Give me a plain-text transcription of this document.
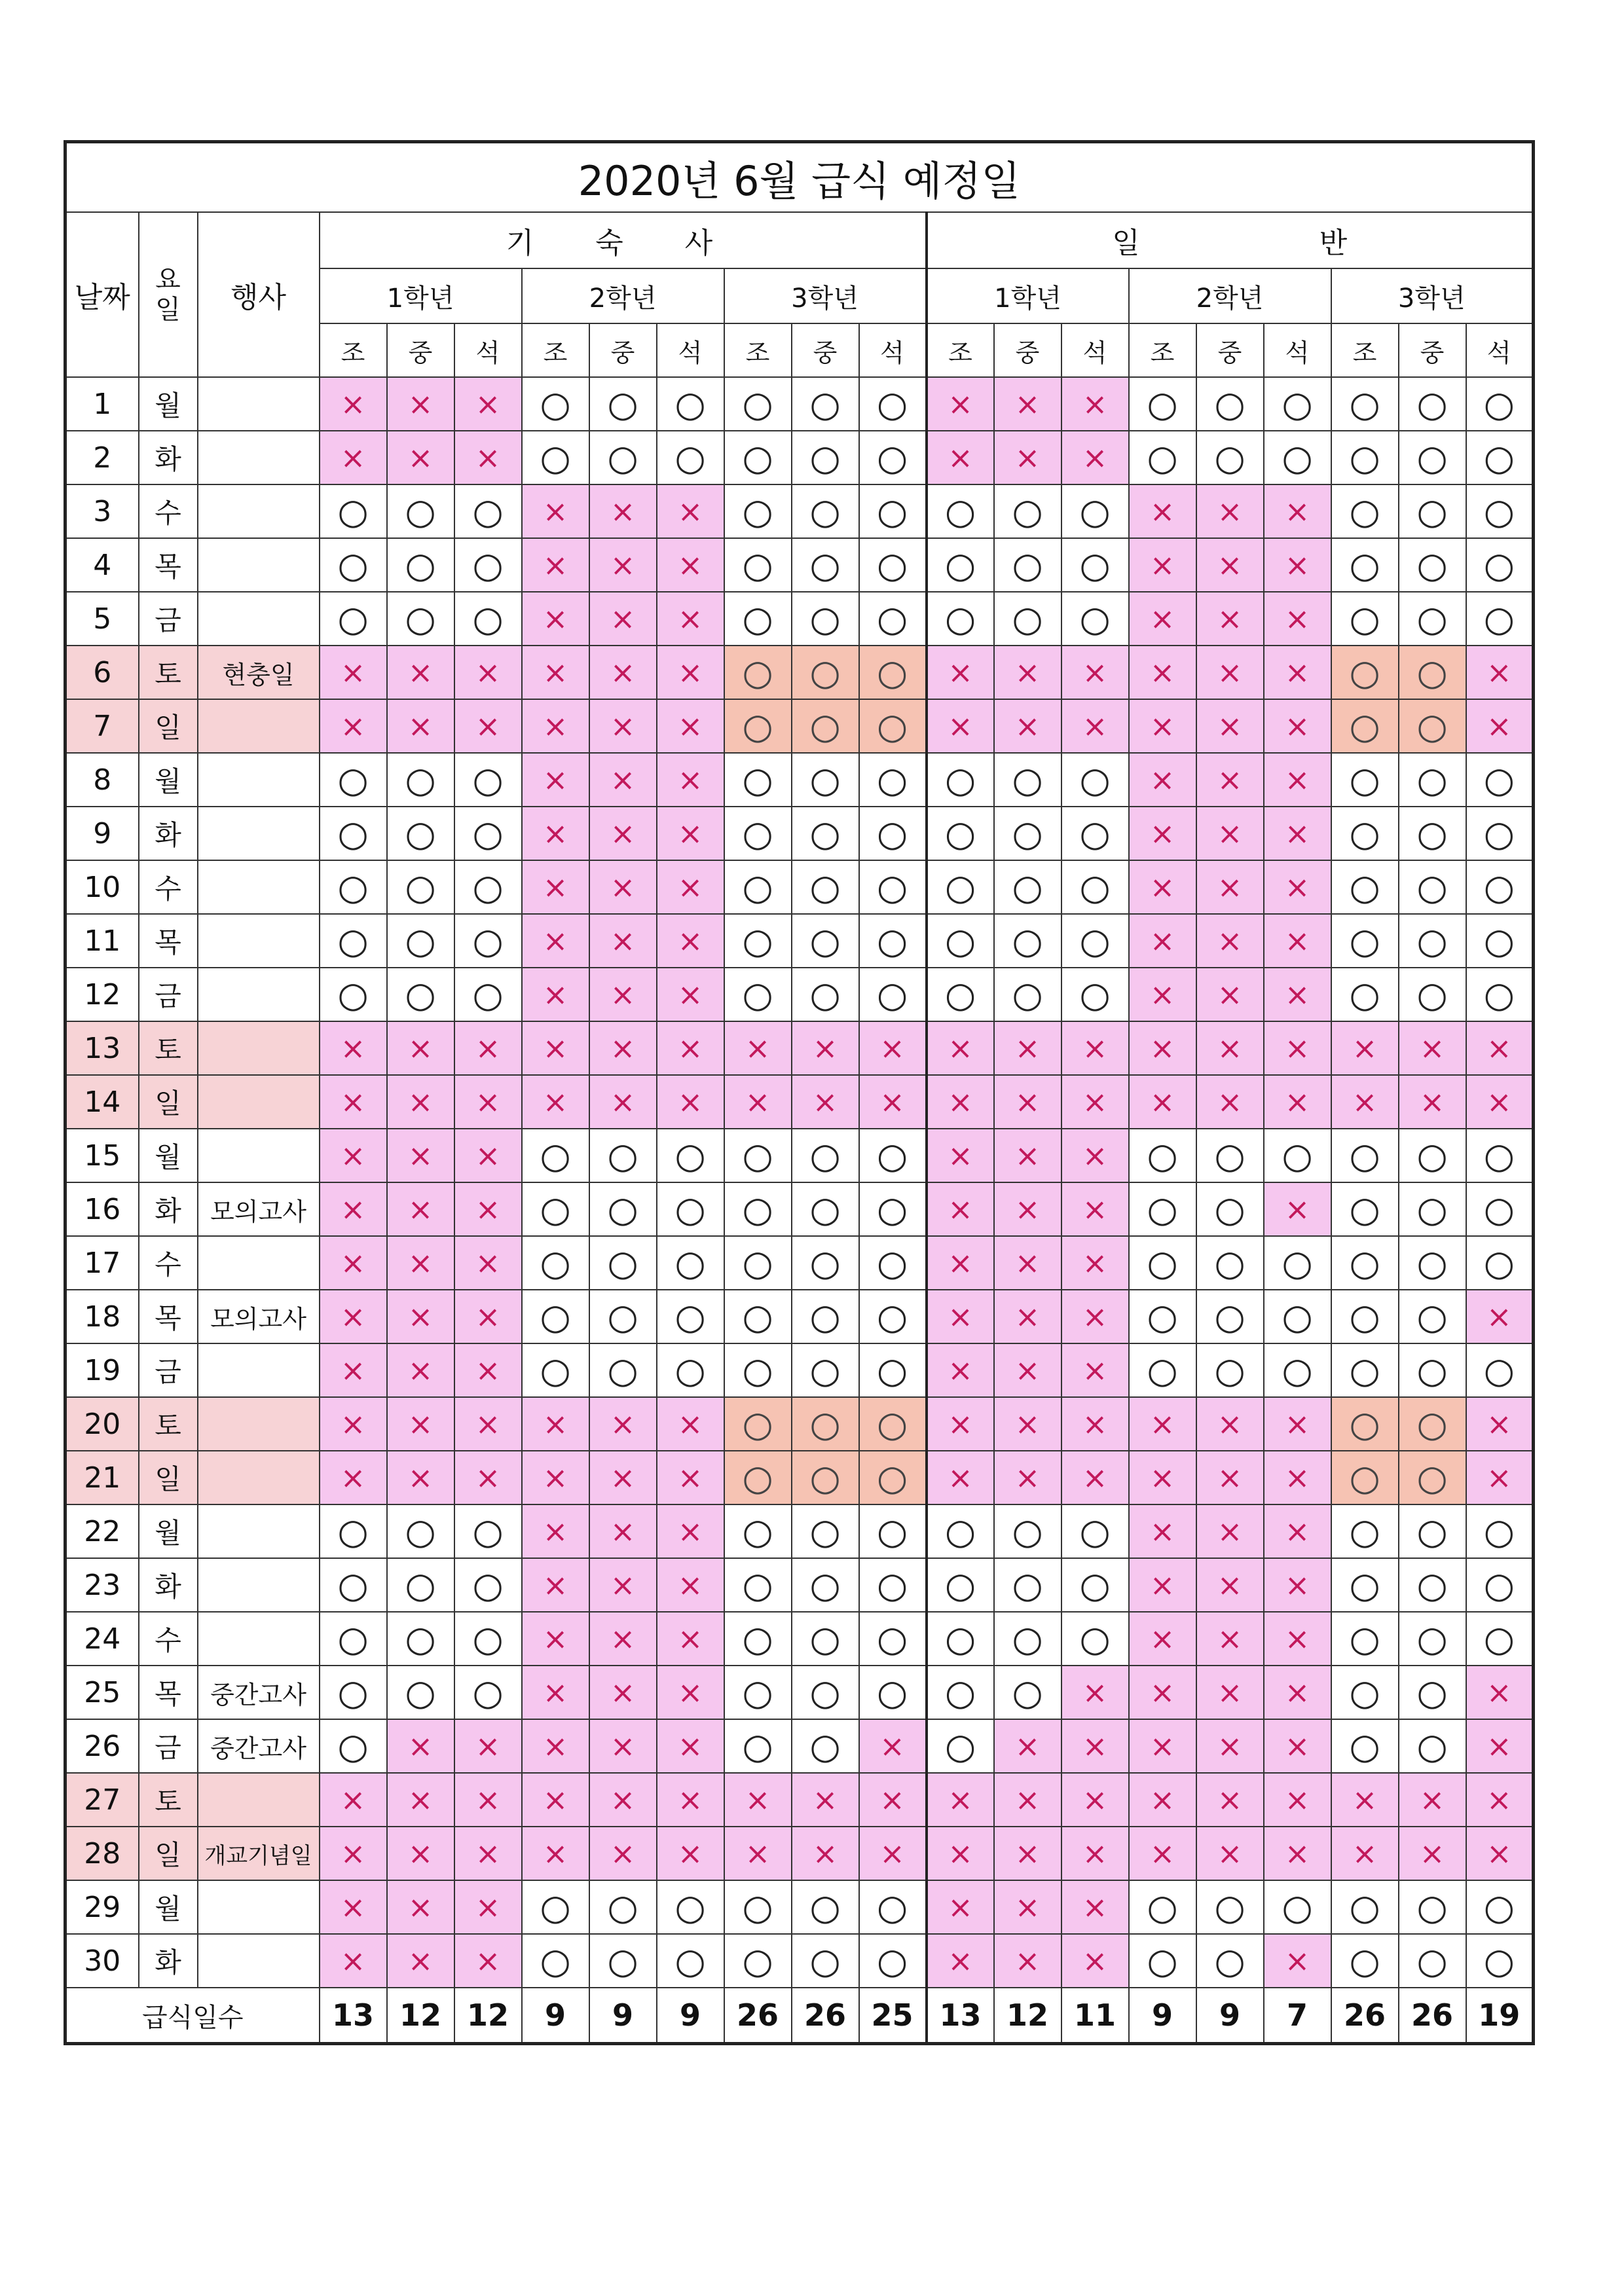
2020년 6월 급식 예정일																				
날짜	요일	행사	기 숙 사									일 반								
			1학년			2학년			3학년			1학년			2학년			3학년		
			조	중	석	조	중	석	조	중	석	조	중	석	조	중	석	조	중	석
1	월		×	×	×	○	○	○	○	○	○	×	×	×	○	○	○	○	○	○
2	화		×	×	×	○	○	○	○	○	○	×	×	×	○	○	○	○	○	○
3	수		○	○	○	×	×	×	○	○	○	○	○	○	×	×	×	○	○	○
4	목		○	○	○	×	×	×	○	○	○	○	○	○	×	×	×	○	○	○
5	금		○	○	○	×	×	×	○	○	○	○	○	○	×	×	×	○	○	○
6	토	현충일	×	×	×	×	×	×	○	○	○	×	×	×	×	×	×	○	○	×
7	일		×	×	×	×	×	×	○	○	○	×	×	×	×	×	×	○	○	×
8	월		○	○	○	×	×	×	○	○	○	○	○	○	×	×	×	○	○	○
9	화		○	○	○	×	×	×	○	○	○	○	○	○	×	×	×	○	○	○
10	수		○	○	○	×	×	×	○	○	○	○	○	○	×	×	×	○	○	○
11	목		○	○	○	×	×	×	○	○	○	○	○	○	×	×	×	○	○	○
12	금		○	○	○	×	×	×	○	○	○	○	○	○	×	×	×	○	○	○
13	토		×	×	×	×	×	×	×	×	×	×	×	×	×	×	×	×	×	×
14	일		×	×	×	×	×	×	×	×	×	×	×	×	×	×	×	×	×	×
15	월		×	×	×	○	○	○	○	○	○	×	×	×	○	○	○	○	○	○
16	화	모의고사	×	×	×	○	○	○	○	○	○	×	×	×	○	○	×	○	○	○
17	수		×	×	×	○	○	○	○	○	○	×	×	×	○	○	○	○	○	○
18	목	모의고사	×	×	×	○	○	○	○	○	○	×	×	×	○	○	○	○	○	×
19	금		×	×	×	○	○	○	○	○	○	×	×	×	○	○	○	○	○	○
20	토		×	×	×	×	×	×	○	○	○	×	×	×	×	×	×	○	○	×
21	일		×	×	×	×	×	×	○	○	○	×	×	×	×	×	×	○	○	×
22	월		○	○	○	×	×	×	○	○	○	○	○	○	×	×	×	○	○	○
23	화		○	○	○	×	×	×	○	○	○	○	○	○	×	×	×	○	○	○
24	수		○	○	○	×	×	×	○	○	○	○	○	○	×	×	×	○	○	○
25	목	중간고사	○	○	○	×	×	×	○	○	○	○	○	×	×	×	×	○	○	×
26	금	중간고사	○	×	×	×	×	×	○	○	×	○	×	×	×	×	×	○	○	×
27	토		×	×	×	×	×	×	×	×	×	×	×	×	×	×	×	×	×	×
28	일	개교기념일	×	×	×	×	×	×	×	×	×	×	×	×	×	×	×	×	×	×
29	월		×	×	×	○	○	○	○	○	○	×	×	×	○	○	○	○	○	○
30	화		×	×	×	○	○	○	○	○	○	×	×	×	○	○	×	○	○	○
급식일수			13	12	12	9	9	9	26	26	25	13	12	11	9	9	7	26	26	19
